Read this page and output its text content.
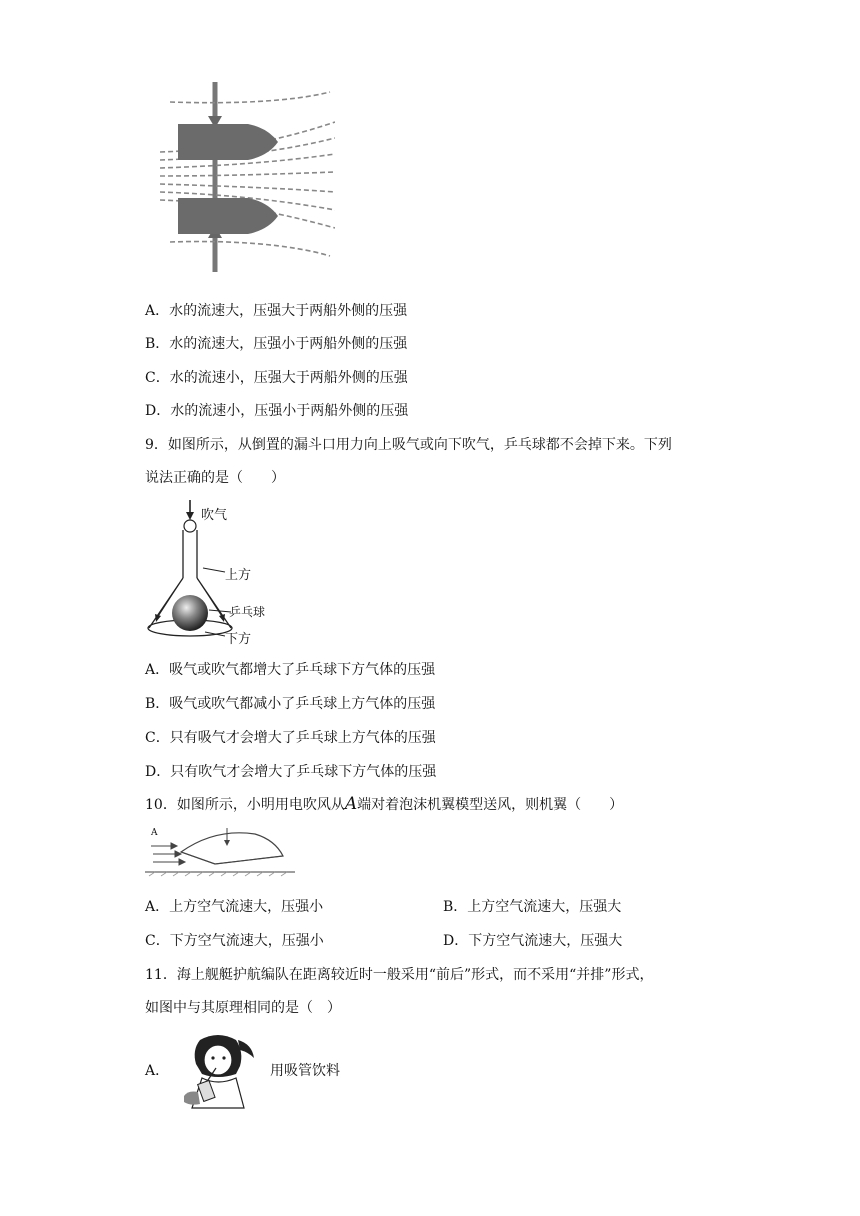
A．水的流速大，压强大于两船外侧的压强
B．水的流速大，压强小于两船外侧的压强
C．水的流速小，压强大于两船外侧的压强
D．水的流速小，压强小于两船外侧的压强
9．如图所示，从倒置的漏斗口用力向上吸气或向下吹气，乒乓球都不会掉下来。下列
说法正确的是（　　）
吹气
上方
乒乓球
下方
A．吸气或吹气都增大了乒乓球下方气体的压强
B．吸气或吹气都减小了乒乓球上方气体的压强
C．只有吸气才会增大了乒乓球上方气体的压强
D．只有吹气才会增大了乒乓球下方气体的压强
10．如图所示，小明用电吹风从A端对着泡沫机翼模型送风，则机翼（　　）
A
A．上方空气流速大，压强小	B．上方空气流速大，压强大
C．下方空气流速大，压强小	D．下方空气流速大，压强大
11．海上舰艇护航编队在距离较近时一般采用“前后”形式，而不采用“并排”形式，
如图中与其原理相同的是（　）
A．	用吸管饮料
